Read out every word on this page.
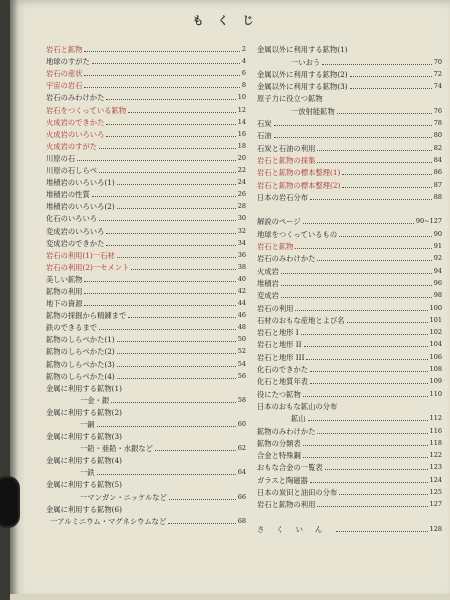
もくじ
岩石と鉱物	2
地球のすがた	4
岩石の産状	6
宇宙の岩石	8
岩石のみわけかた	10
岩石をつくっている鉱物	12
火成岩のできかた	14
火成岩のいろいろ	16
火成岩のすがた	18
川原の石	20
川原の石しらべ	22
堆積岩のいろいろ(1)	24
堆積岩の性質	26
堆積岩のいろいろ(2)	28
化石のいろいろ	30
変成岩のいろいろ	32
変成岩のできかた	34
岩石の利用(1)一石材	36
岩石の利用(2)一セメント	38
美しい鉱物	40
鉱物の利用	42
地下の資源	44
鉱物の採掘から精錬まで	46
鉄のできるまで	48
鉱物のしらべかた(1)	50
鉱物のしらべかた(2)	52
鉱物のしらべかた(3)	54
鉱物のしらべかた(4)	56
金属に利用する鉱物(1)
一金・銀	58
金属に利用する鉱物(2)
一銅	60
金属に利用する鉱物(3)
一鉛・亜鉛・水銀など	62
金属に利用する鉱物(4)
一鉄	64
金属に利用する鉱物(5)
一マンガン・ニッケルなど	66
金属に利用する鉱物(6)
一アルミニウム・マグネシウムなど	68
金属以外に利用する鉱物(1)
一いおう	70
金属以外に利用する鉱物(2)	72
金属以外に利用する鉱物(3)	74
原子力に役立つ鉱物
一放射能鉱物	76
石炭	78
石油	80
石炭と石油の利用	82
岩石と鉱物の採集	84
岩石と鉱物の標本整理(1)	86
岩石と鉱物の標本整理(2)	87
日本の岩石分布	88
解説のページ	90~127
地球をつくっているもの	90
岩石と鉱物	91
岩石のみわけかた	92
火成岩	94
堆積岩	96
変成岩	98
岩石の利用	100
石材のおもな産地とよび名	101
岩石と地形 I	102
岩石と地形 II	104
岩石と地形 III	106
化石のできかた	108
化石と地質年表	109
役にたつ鉱物	110
日本のおもな鉱山の分布
鉱山	112
鉱物のみわけかた	116
鉱物の分類表	118
合金と特殊鋼	122
おもな合金の一覧表	123
ガラスと陶磁器	124
日本の炭田と油田の分布	125
岩石と鉱物の利用	127
さくいん	128
